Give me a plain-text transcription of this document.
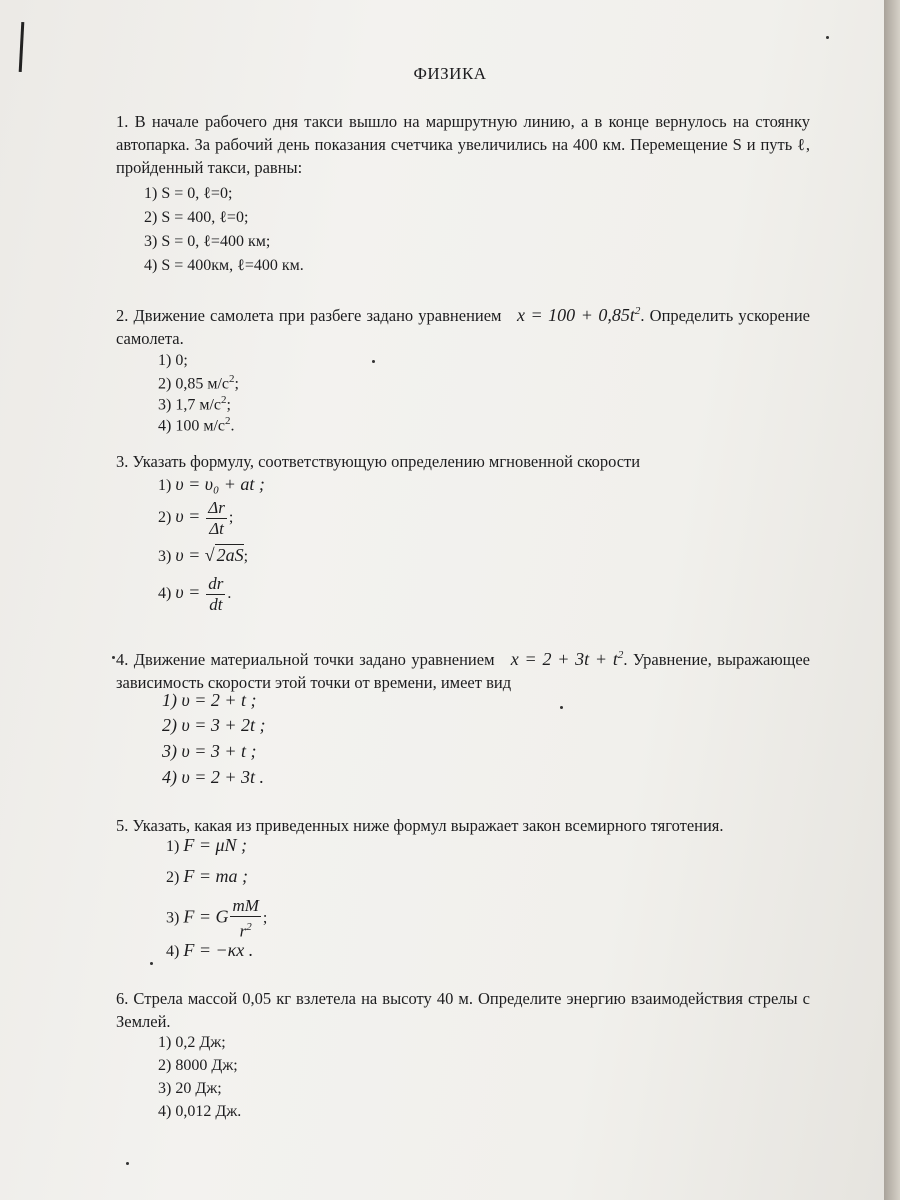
ФИЗИКА
1. В начале рабочего дня такси вышло на маршрутную линию, а в конце вернулось на стоянку автопарка. За рабочий день показания счетчика увеличились на 400 км. Перемещение S и путь ℓ, пройденный такси, равны:
1) S = 0, ℓ=0;
2) S = 400, ℓ=0;
3) S = 0, ℓ=400 км;
4) S = 400км, ℓ=400 км.
2. Движение самолета при разбеге задано уравнением $x = 100 + 0,85t^2$. Определить ускорение самолета.
1) 0;
2) 0,85 $м/с^2$;
3) 1,7 $м/с^2$;
4) 100 $м/с^2$.
3. Указать формулу, соответствующую определению мгновенной скорости
1) υ = υ₀ + at ;
2) $\upsilon = \frac{\Delta r}{\Delta t}$ ;
3) υ = √ 2aS;
4) $\upsilon = \frac{dr}{dt}$ .
4. Движение материальной точки задано уравнением $x = 2 + 3t + t^2$. Уравнение, выражающее зависимость скорости этой точки от времени, имеет вид
1) υ = 2 + t ;
2) υ = 3 + 2t ;
3) υ = 3 + t ;
4) υ = 2 + 3t .
5. Указать, какая из приведенных ниже формул выражает закон всемирного тяготения.
1) F = μN ;
2) F = ma ;
3) F = G $\frac{mM}{r^2}$ ;
4) F = −κx .
6. Стрела массой 0,05 кг взлетела на высоту 40 м. Определите энергию взаимодействия стрелы с Землей.
1) 0,2 Дж;
2) 8000 Дж;
3) 20 Дж;
4) 0,012 Дж.
